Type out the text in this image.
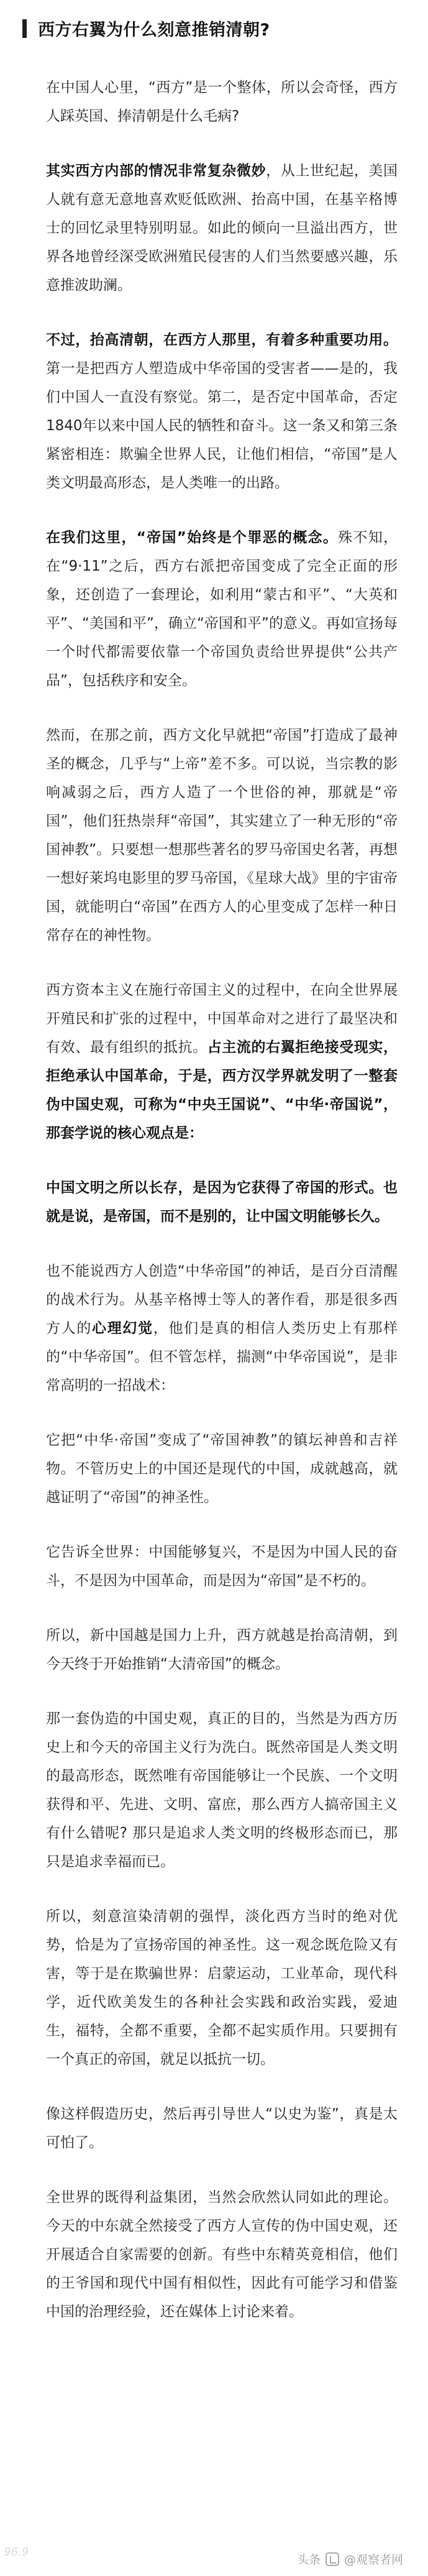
西方右翼为什么刻意推销清朝?

在中国人心里，“西方”是一个整体，所以会奇怪，西方人踩英国、捧清朝是什么毛病?

其实西方内部的情况非常复杂微妙，从上世纪起，美国人就有意无意地喜欢贬低欧洲、抬高中国，在基辛格博士的回忆录里特别明显。如此的倾向一旦溢出西方，世界各地曾经深受欧洲殖民侵害的人们当然要感兴趣，乐意推波助澜。

不过，抬高清朝，在西方人那里，有着多种重要功用。第一是把西方人塑造成中华帝国的受害者——是的，我们中国人一直没有察觉。第二，是否定中国革命，否定1840年以来中国人民的牺牲和奋斗。这一条又和第三条紧密相连：欺骗全世界人民，让他们相信，“帝国”是人类文明最高形态，是人类唯一的出路。

在我们这里，“帝国”始终是个罪恶的概念。殊不知，在“9·11”之后，西方右派把帝国变成了完全正面的形象，还创造了一套理论，如利用“蒙古和平”、“大英和平”、“美国和平”，确立“帝国和平”的意义。再如宣扬每一个时代都需要依靠一个帝国负责给世界提供“公共产品”，包括秩序和安全。

然而，在那之前，西方文化早就把“帝国”打造成了最神圣的概念，几乎与“上帝”差不多。可以说，当宗教的影响减弱之后，西方人造了一个世俗的神，那就是“帝国”，他们狂热崇拜“帝国”，其实建立了一种无形的“帝国神教”。只要想一想那些著名的罗马帝国史名著，再想一想好莱坞电影里的罗马帝国，《星球大战》里的宇宙帝国，就能明白“帝国”在西方人的心里变成了怎样一种日常存在的神性物。

西方资本主义在施行帝国主义的过程中，在向全世界展开殖民和扩张的过程中，中国革命对之进行了最坚决和有效、最有组织的抵抗。占主流的右翼拒绝接受现实，拒绝承认中国革命，于是，西方汉学界就发明了一整套伪中国史观，可称为“中央王国说”、“中华·帝国说”，那套学说的核心观点是：

中国文明之所以长存，是因为它获得了帝国的形式。也就是说，是帝国，而不是别的，让中国文明能够长久。

也不能说西方人创造“中华帝国”的神话，是百分百清醒的战术行为。从基辛格博士等人的著作看，那是很多西方人的心理幻觉，他们是真的相信人类历史上有那样的“中华帝国”。但不管怎样，揣测“中华帝国说”，是非常高明的一招战术：

它把“中华·帝国”变成了“帝国神教”的镇坛神兽和吉祥物。不管历史上的中国还是现代的中国，成就越高，就越证明了“帝国”的神圣性。

它告诉全世界：中国能够复兴，不是因为中国人民的奋斗，不是因为中国革命，而是因为“帝国”是不朽的。

所以，新中国越是国力上升，西方就越是抬高清朝，到今天终于开始推销“大清帝国”的概念。

那一套伪造的中国史观，真正的目的，当然是为西方历史上和今天的帝国主义行为洗白。既然帝国是人类文明的最高形态，既然唯有帝国能够让一个民族、一个文明获得和平、先进、文明、富庶，那么西方人搞帝国主义有什么错呢? 那只是追求人类文明的终极形态而已，那只是追求幸福而已。

所以，刻意渲染清朝的强悍，淡化西方当时的绝对优势，恰是为了宣扬帝国的神圣性。这一观念既危险又有害，等于是在欺骗世界：启蒙运动，工业革命，现代科学，近代欧美发生的各种社会实践和政治实践，爱迪生，福特，全都不重要，全都不起实质作用。只要拥有一个真正的帝国，就足以抵抗一切。

像这样假造历史，然后再引导世人“以史为鉴”，真是太可怕了。

全世界的既得利益集团，当然会欣然认同如此的理论。今天的中东就全然接受了西方人宣传的伪中国史观，还开展适合自家需要的创新。有些中东精英竟相信，他们的王爷国和现代中国有相似性，因此有可能学习和借鉴中国的治理经验，还在媒体上讨论来着。

96.9
头条 @观察者网
